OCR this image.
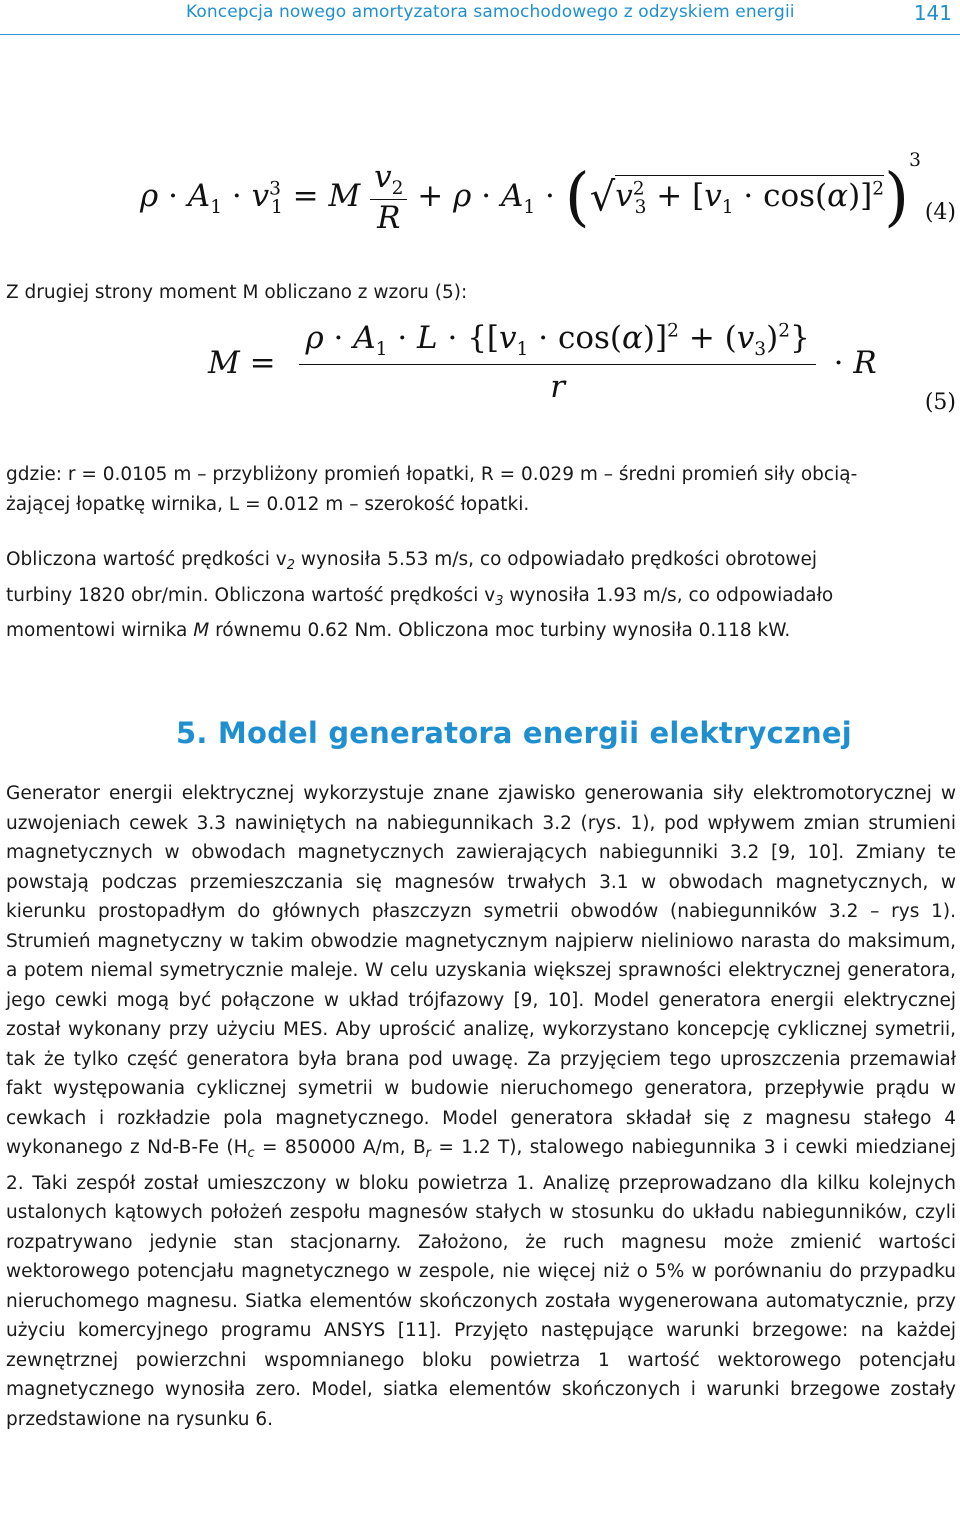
Koncepcja nowego amortyzatora samochodowego z odzyskiem energii	141
$\rho \cdot A_1 \cdot v^3_1 = M \frac{v_2}{R} + \rho \cdot A_1 \cdot (√v^2_3 + [v_1 \cdot \cos(\alpha)]^2)^3$
(4)

Z drugiej strony moment M obliczano z wzoru (5):

$M = \frac{\rho \cdot A_1 \cdot L \cdot \{[v_1 \cdot \cos(\alpha)]^2 + (v_3)^2\}}{r} \cdot R$
(5)

gdzie: r = 0.0105 m – przybliżony promień łopatki, R = 0.029 m – średni promień siły obcią-

żającej łopatkę wirnika, L = 0.012 m – szerokość łopatki.

Obliczona wartość prędkości $v_2$ wynosiła 5.53 m/s, co odpowiadało prędkości obrotowej

turbiny 1820 obr/min. Obliczona wartość prędkości $v_3$ wynosiła 1.93 m/s, co odpowiadało

momentowi wirnika M równemu 0.62 Nm. Obliczona moc turbiny wynosiła 0.118 kW.

5. Model generatora energii elektrycznej

Generator energii elektrycznej wykorzystuje znane zjawisko generowania siły elektromotorycznej w uzwojeniach cewek 3.3 nawiniętych na nabiegunnikach 3.2 (rys. 1), pod wpływem zmian strumieni magnetycznych w obwodach magnetycznych zawierających nabiegunniki 3.2 [9, 10]. Zmiany te powstają podczas przemieszczania się magnesów trwałych 3.1 w obwodach magnetycznych, w kierunku prostopadłym do głównych płaszczyzn symetrii obwodów (nabiegunników 3.2 – rys 1). Strumień magnetyczny w takim obwodzie magnetycznym najpierw nieliniowo narasta do maksimum, a potem niemal symetrycznie maleje. W celu uzyskania większej sprawności elektrycznej generatora, jego cewki mogą być połączone w układ trójfazowy [9, 10]. Model generatora energii elektrycznej został wykonany przy użyciu MES. Aby uprościć analizę, wykorzystano koncepcję cyklicznej symetrii, tak że tylko część generatora była brana pod uwagę. Za przyjęciem tego uproszczenia przemawiał fakt występowania cyklicznej symetrii w budowie nieruchomego generatora, przepływie prądu w cewkach i rozkładzie pola magnetycznego. Model generatora składał się z magnesu stałego 4 wykonanego z Nd-B-Fe ($H_c = 850000$ A/m, $B_r = 1.2$ T), stalowego nabiegunnika 3 i cewki miedzianej 2. Taki zespół został umieszczony w bloku powietrza 1. Analizę przeprowadzano dla kilku kolejnych ustalonych kątowych położeń zespołu magnesów stałych w stosunku do układu nabiegunników, czyli rozpatrywano jedynie stan stacjonarny. Założono, że ruch magnesu może zmienić wartości wektorowego potencjału magnetycznego w zespole, nie więcej niż o 5% w porównaniu do przypadku nieruchomego magnesu. Siatka elementów skończonych została wygenerowana automatycznie, przy użyciu komercyjnego programu ANSYS [11]. Przyjęto następujące warunki brzegowe: na każdej zewnętrznej powierzchni wspomnianego bloku powietrza 1 wartość wektorowego potencjału magnetycznego wynosiła zero. Model, siatka elementów skończonych i warunki brzegowe zostały przedstawione na rysunku 6.
